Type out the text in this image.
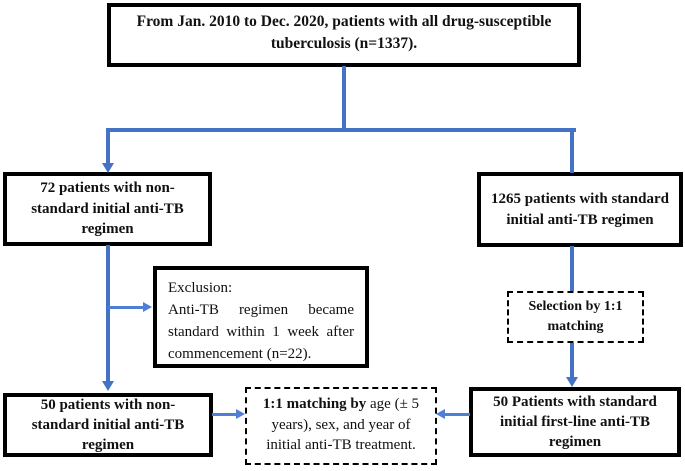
From Jan. 2010 to Dec. 2020, patients with all drug-susceptible tuberculosis (n=1337).
72 patients with non-standard initial anti-TB regimen
1265 patients with standard initial anti-TB regimen
Exclusion:
Anti-TB regimen became standard within 1 week after commencement (n=22).
Selection by 1:1 matching
50 patients with non-standard initial anti-TB regimen
1:1 matching by age (± 5 years), sex, and year of initial anti-TB treatment.
50 Patients with standard initial first-line anti-TB regimen
